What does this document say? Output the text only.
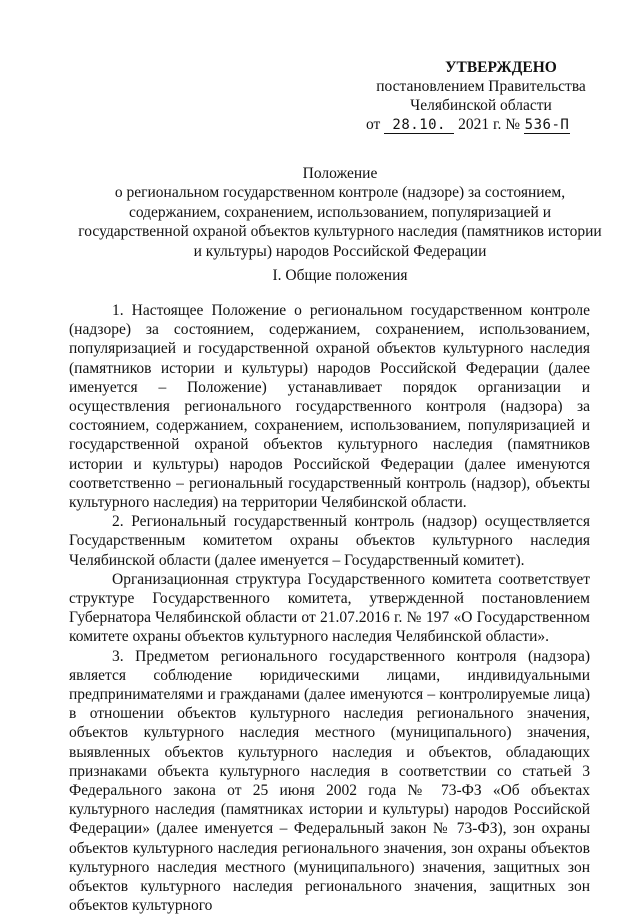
УТВЕРЖДЕНО
постановлением Правительства
Челябинской области
от 28.10. 2021 г. № 536-П
Положение
о региональном государственном контроле (надзоре) за состоянием,
содержанием, сохранением, использованием, популяризацией и
государственной охраной объектов культурного наследия (памятников истории
и культуры) народов Российской Федерации
I. Общие положения

1. Настоящее Положение о региональном государственном контроле (надзоре) за состоянием, содержанием, сохранением, использованием, популяризацией и государственной охраной объектов культурного наследия (памятников истории и культуры) народов Российской Федерации (далее именуется – Положение) устанавливает порядок организации и осуществления регионального государственного контроля (надзора) за состоянием, содержанием, сохранением, использованием, популяризацией и государственной охраной объектов культурного наследия (памятников истории и культуры) народов Российской Федерации (далее именуются соответственно – региональный государственный контроль (надзор), объекты культурного наследия) на территории Челябинской области.

2. Региональный государственный контроль (надзор) осуществляется Государственным комитетом охраны объектов культурного наследия Челябинской области (далее именуется – Государственный комитет).

Организационная структура Государственного комитета соответствует структуре Государственного комитета, утвержденной постановлением Губернатора Челябинской области от 21.07.2016 г. № 197 «О Государственном комитете охраны объектов культурного наследия Челябинской области».

3. Предметом регионального государственного контроля (надзора) является соблюдение юридическими лицами, индивидуальными предпринимателями и гражданами (далее именуются – контролируемые лица) в отношении объектов культурного наследия регионального значения, объектов культурного наследия местного (муниципального) значения, выявленных объектов культурного наследия и объектов, обладающих признаками объекта культурного наследия в соответствии со статьей 3 Федерального закона от 25 июня 2002 года № 73-ФЗ «Об объектах культурного наследия (памятниках истории и культуры) народов Российской Федерации» (далее именуется – Федеральный закон № 73-ФЗ), зон охраны объектов культурного наследия регионального значения, зон охраны объектов культурного наследия местного (муниципального) значения, защитных зон объектов культурного наследия регионального значения, защитных зон объектов культурного
